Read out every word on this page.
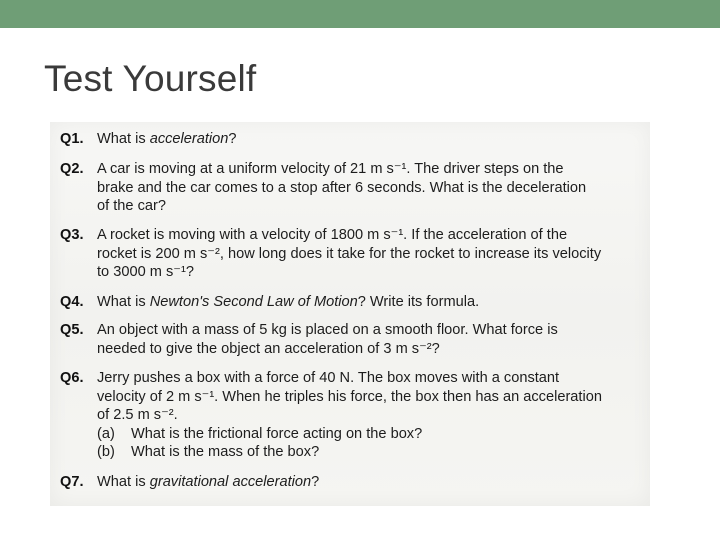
Test Yourself
Q1. What is acceleration?
Q2. A car is moving at a uniform velocity of 21 m s⁻¹. The driver steps on the
brake and the car comes to a stop after 6 seconds. What is the deceleration
of the car?
Q3. A rocket is moving with a velocity of 1800 m s⁻¹. If the acceleration of the
rocket is 200 m s⁻², how long does it take for the rocket to increase its velocity
to 3000 m s⁻¹?
Q4. What is Newton's Second Law of Motion? Write its formula.
Q5. An object with a mass of 5 kg is placed on a smooth floor. What force is
needed to give the object an acceleration of 3 m s⁻²?
Q6. Jerry pushes a box with a force of 40 N. The box moves with a constant
velocity of 2 m s⁻¹. When he triples his force, the box then has an acceleration
of 2.5 m s⁻².
(a) What is the frictional force acting on the box?
(b) What is the mass of the box?
Q7. What is gravitational acceleration?
